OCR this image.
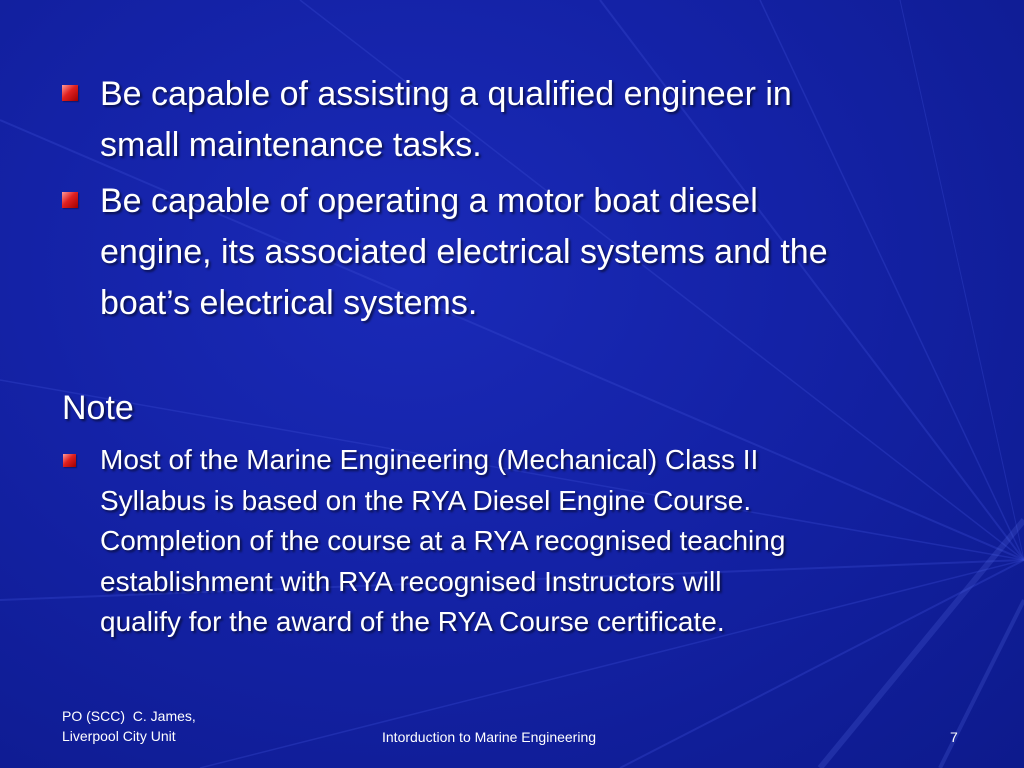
Be capable of assisting a qualified engineer in
small maintenance tasks.
Be capable of operating a motor boat diesel
engine, its associated electrical systems and the
boat’s electrical systems.
Note
Most of the Marine Engineering (Mechanical) Class II
Syllabus is based on the RYA Diesel Engine Course.
Completion of the course at a RYA recognised teaching
establishment with RYA recognised Instructors will
qualify for the award of the RYA Course certificate.
PO (SCC)  C. James,
Liverpool City Unit	Intorduction to Marine Engineering	7
